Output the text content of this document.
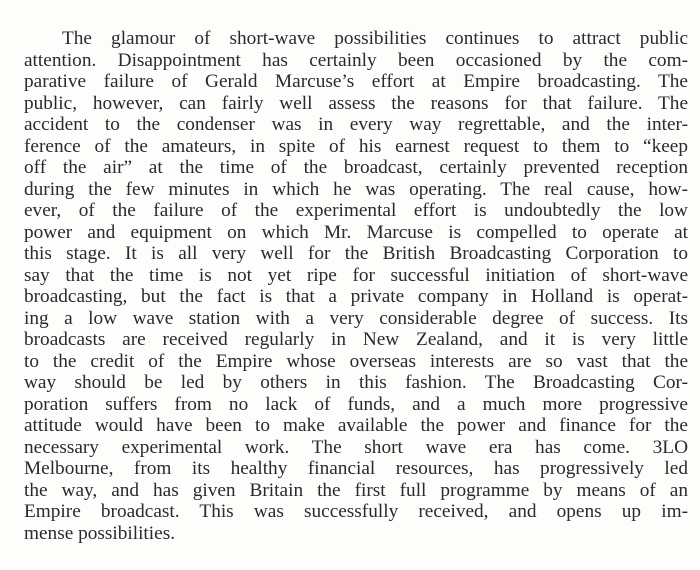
The glamour of short-wave possibilities continues to attract public
attention. Disappointment has certainly been occasioned by the com-
parative failure of Gerald Marcuse’s effort at Empire broadcasting. The
public, however, can fairly well assess the reasons for that failure. The
accident to the condenser was in every way regrettable, and the inter-
ference of the amateurs, in spite of his earnest request to them to “keep
off the air” at the time of the broadcast, certainly prevented reception
during the few minutes in which he was operating. The real cause, how-
ever, of the failure of the experimental effort is undoubtedly the low
power and equipment on which Mr. Marcuse is compelled to operate at
this stage. It is all very well for the British Broadcasting Corporation to
say that the time is not yet ripe for successful initiation of short-wave
broadcasting, but the fact is that a private company in Holland is operat-
ing a low wave station with a very considerable degree of success. Its
broadcasts are received regularly in New Zealand, and it is very little
to the credit of the Empire whose overseas interests are so vast that the
way should be led by others in this fashion. The Broadcasting Cor-
poration suffers from no lack of funds, and a much more progressive
attitude would have been to make available the power and finance for the
necessary experimental work. The short wave era has come. 3LO
Melbourne, from its healthy financial resources, has progressively led
the way, and has given Britain the first full programme by means of an
Empire broadcast. This was successfully received, and opens up im-
mense possibilities.
